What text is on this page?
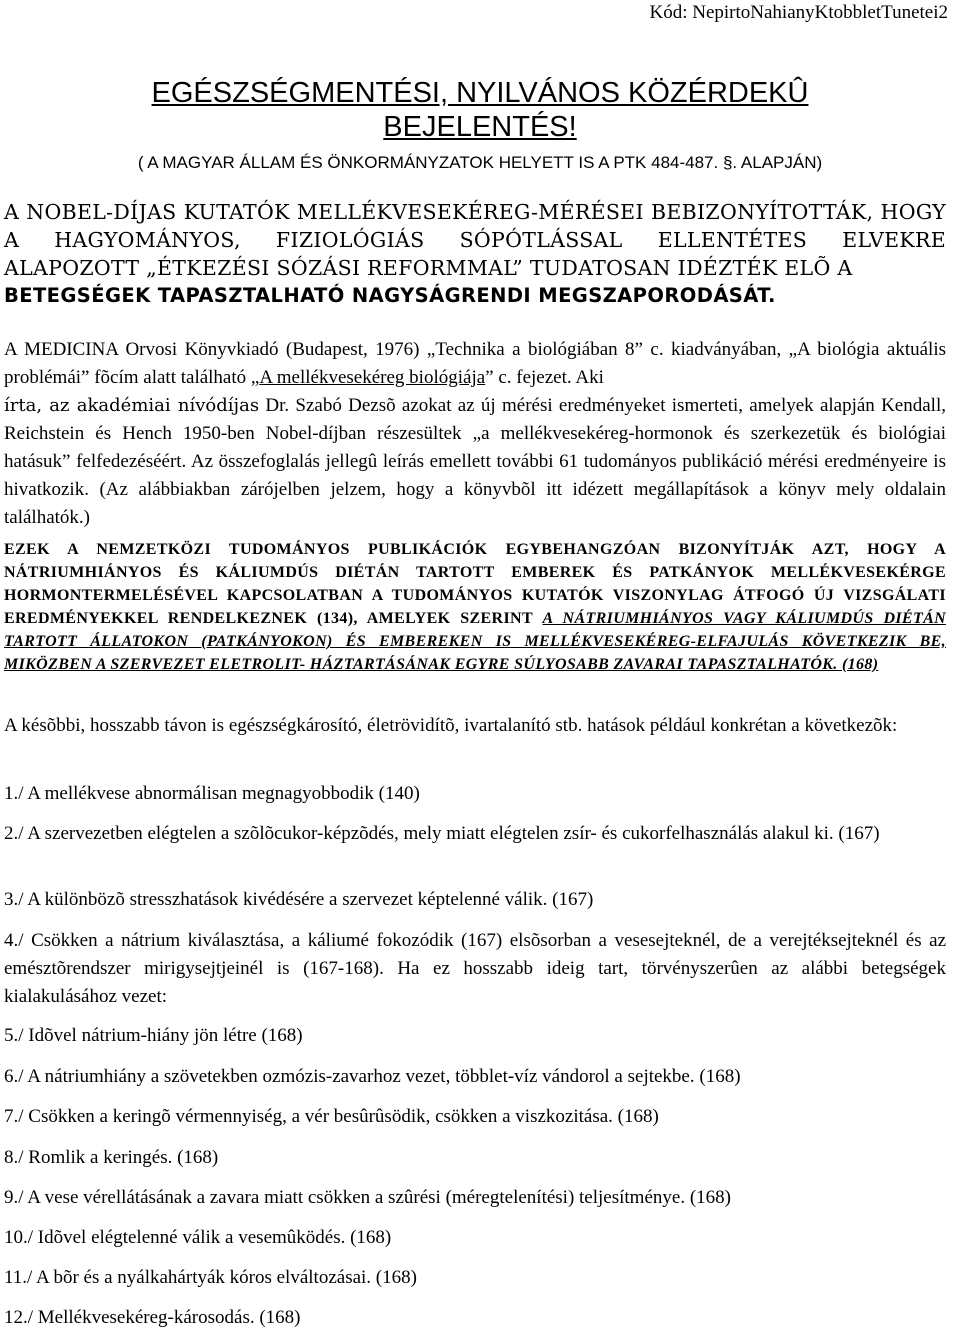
Kód: NepirtoNahianyKtobbletTunetei2
EGÉSZSÉGMENTÉSI, NYILVÁNOS KÖZÉRDEKÛ
BEJELENTÉS!
( A MAGYAR ÁLLAM ÉS ÖNKORMÁNYZATOK HELYETT IS A PTK 484-487. §. ALAPJÁN)
A NOBEL-DÍJAS KUTATÓK MELLÉKVESEKÉREG-MÉRÉSEI BEBIZONYÍTOTTÁK, HOGY A HAGYOMÁNYOS, FIZIOLÓGIÁS SÓPÓTLÁSSAL ELLENTÉTES ELVEKRE ALAPOZOTT „ÉTKEZÉSI SÓZÁSI REFORMMAL” TUDATOSAN IDÉZTÉK ELÕ A
BETEGSÉGEK TAPASZTALHATÓ NAGYSÁGRENDI MEGSZAPORODÁSÁT.
A MEDICINA Orvosi Könyvkiadó (Budapest, 1976) „Technika a biológiában 8” c. kiadványában, „A biológia aktuális problémái” fõcím alatt található „A mellékvesekéreg biológiája” c. fejezet. Aki
írta, az akadémiai nívódíjas Dr. Szabó Dezsõ azokat az új mérési eredményeket ismerteti, amelyek alapján Kendall, Reichstein és Hench 1950-ben Nobel-díjban részesültek „a mellékvesekéreg-hormonok és szerkezetük és biológiai hatásuk” felfedezéséért. Az összefoglalás jellegû leírás emellett további 61 tudományos publikáció mérési eredményeire is hivatkozik. (Az alábbiakban zárójelben jelzem, hogy a könyvbõl itt idézett megállapítások a könyv mely oldalain találhatók.)
EZEK A NEMZETKÖZI TUDOMÁNYOS PUBLIKÁCIÓK EGYBEHANGZÓAN BIZONYÍTJÁK AZT, HOGY A NÁTRIUMHIÁNYOS ÉS KÁLIUMDÚS DIÉTÁN TARTOTT EMBEREK ÉS PATKÁNYOK MELLÉKVESEKÉRGE HORMONTERMELÉSÉVEL KAPCSOLATBAN A TUDOMÁNYOS KUTATÓK VISZONYLAG ÁTFOGÓ ÚJ VIZSGÁLATI EREDMÉNYEKKEL RENDELKEZNEK (134), AMELYEK SZERINT A NÁTRIUMHIÁNYOS VAGY KÁLIUMDÚS DIÉTÁN TARTOTT ÁLLATOKON (PATKÁNYOKON) ÉS EMBEREKEN IS MELLÉKVESEKÉREG-ELFAJULÁS KÖVETKEZIK BE, MIKÖZBEN A SZERVEZET ELETROLIT- HÁZTARTÁSÁNAK EGYRE SÚLYOSABB ZAVARAI TAPASZTALHATÓK. (168)
A késõbbi, hosszabb távon is egészségkárosító, életrövidítõ, ivartalanító stb. hatások például konkrétan a következõk:
1./ A mellékvese abnormálisan megnagyobbodik (140)
2./ A szervezetben elégtelen a szõlõcukor-képzõdés, mely miatt elégtelen zsír- és cukorfelhasználás alakul ki. (167)
3./ A különbözõ stresszhatások kivédésére a szervezet képtelenné válik. (167)
4./ Csökken a nátrium kiválasztása, a káliumé fokozódik (167) elsõsorban a vesesejteknél, de a verejtéksejteknél és az emésztõrendszer mirigysejtjeinél is (167-168). Ha ez hosszabb ideig tart, törvényszerûen az alábbi betegségek kialakulásához vezet:
5./ Idõvel nátrium-hiány jön létre (168)
6./ A nátriumhiány a szövetekben ozmózis-zavarhoz vezet, többlet-víz vándorol a sejtekbe. (168)
7./ Csökken a keringõ vérmennyiség, a vér besûrûsödik, csökken a viszkozitása. (168)
8./ Romlik a keringés. (168)
9./ A vese vérellátásának a zavara miatt csökken a szûrési (méregtelenítési) teljesítménye. (168)
10./ Idõvel elégtelenné válik a vesemûködés. (168)
11./ A bõr és a nyálkahártyák kóros elváltozásai. (168)
12./ Mellékvesekéreg-károsodás. (168)
